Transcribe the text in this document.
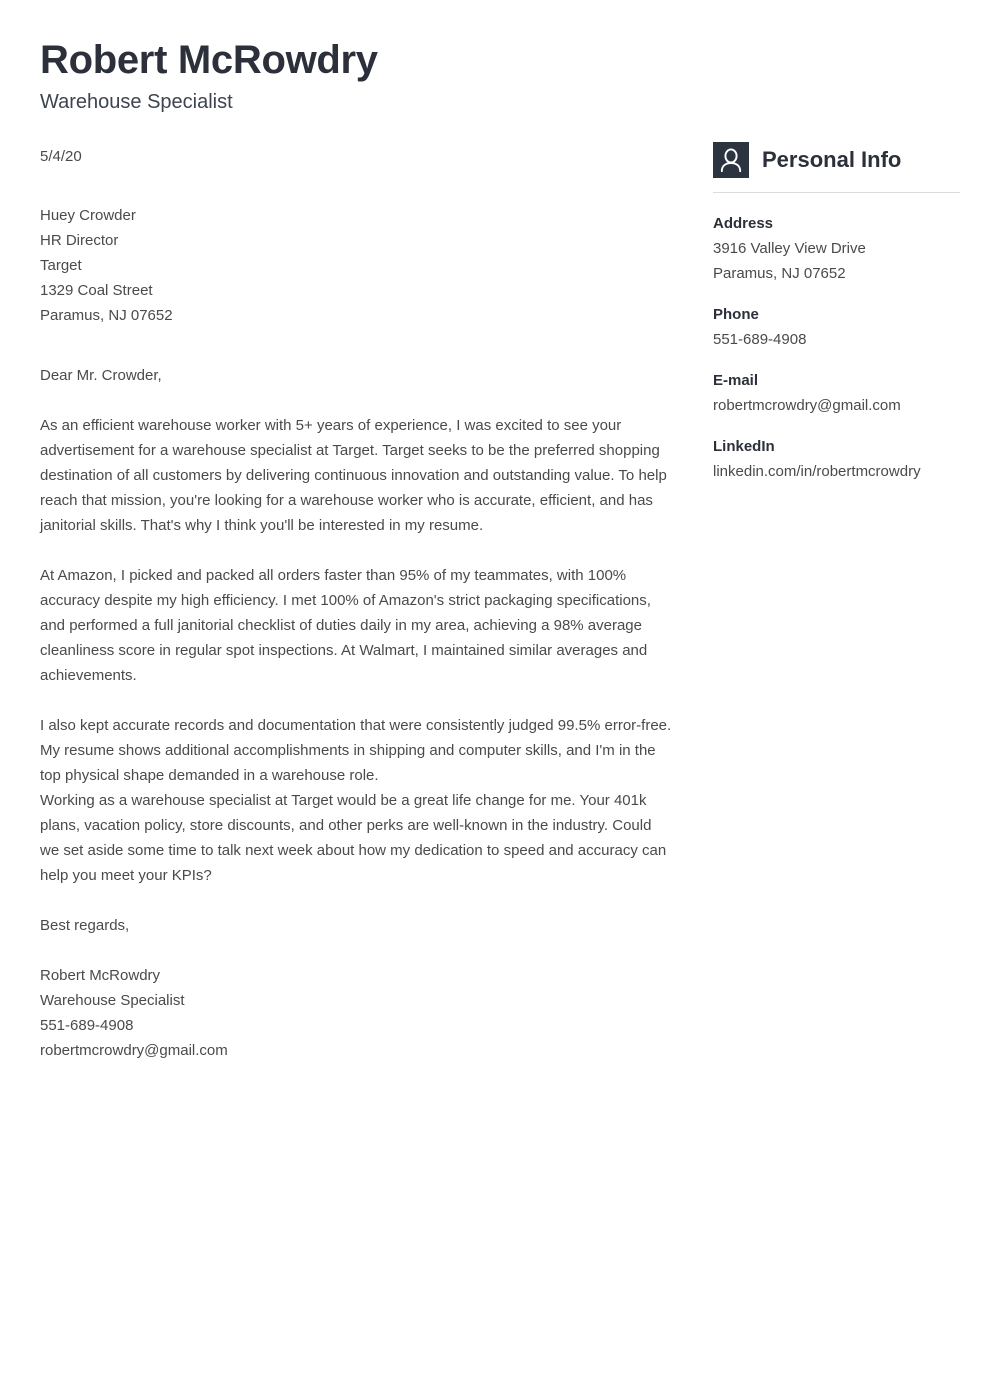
Robert McRowdry
Warehouse Specialist
5/4/20
Huey Crowder
HR Director
Target
1329 Coal Street
Paramus, NJ 07652

Dear Mr. Crowder,

As an efficient warehouse worker with 5+ years of experience, I was excited to see your advertisement for a warehouse specialist at Target. Target seeks to be the preferred shopping destination of all customers by delivering continuous innovation and outstanding value. To help reach that mission, you're looking for a warehouse worker who is accurate, efficient, and has janitorial skills. That's why I think you'll be interested in my resume.

At Amazon, I picked and packed all orders faster than 95% of my teammates, with 100% accuracy despite my high efficiency. I met 100% of Amazon's strict packaging specifications, and performed a full janitorial checklist of duties daily in my area, achieving a 98% average cleanliness score in regular spot inspections. At Walmart, I maintained similar averages and achievements.

I also kept accurate records and documentation that were consistently judged 99.5% error-free. My resume shows additional accomplishments in shipping and computer skills, and I'm in the top physical shape demanded in a warehouse role.

Working as a warehouse specialist at Target would be a great life change for me. Your 401k plans, vacation policy, store discounts, and other perks are well-known in the industry. Could we set aside some time to talk next week about how my dedication to speed and accuracy can help you meet your KPIs?

Best regards,
Robert McRowdry
Warehouse Specialist
551-689-4908
robertmcrowdry@gmail.com
Personal Info
Address
3916 Valley View Drive
Paramus, NJ 07652
Phone
551-689-4908
E-mail
robertmcrowdry@gmail.com
LinkedIn
linkedin.com/in/robertmcrowdry
